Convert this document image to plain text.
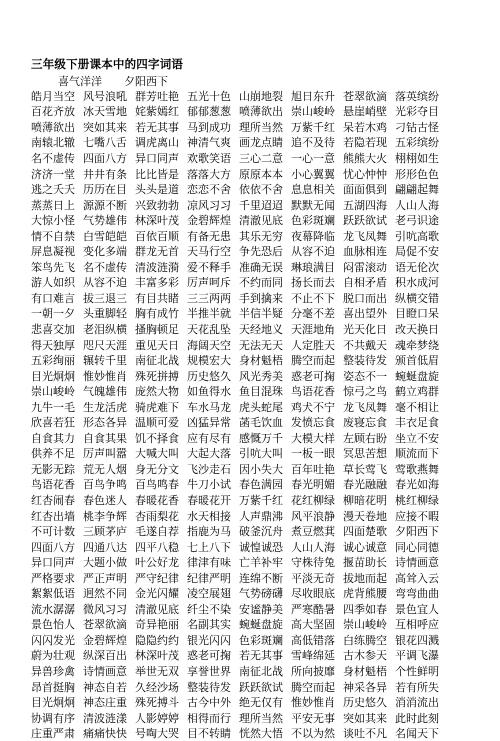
三年级下册课本中的四字词语
喜气洋洋 夕阳西下
皓月当空 风号浪吼 群芳吐艳 五光十色 山崩地裂 旭日东升 苍翠欲滴 落英缤纷
百花齐放 冰天雪地 姹紫嫣红 郁郁葱葱 喷薄欲出 崇山峻岭 悬崖峭壁 光彩夺目
喷薄欲出 突如其来 若无其事 马到成功 理所当然 万紫千红 呆若木鸡 刁钻古怪
南辕北辙 七嘴八舌 调虎离山 神清气爽 画龙点睛 追不及待 若隐若现 五彩缤纷
名不虚传 四面八方 异口同声 欢歌笑语 三心二意 一心一意 熊熊大火 栩栩如生
济济一堂 井井有条 比比皆是 落落大方 原原本本 小心翼翼 忧心忡忡 形形色色
逃之夭夭 历历在目 头头是道 恋恋不舍 依依不舍 息息相关 面面俱到 翩翩起舞
蒸蒸日上 源源不断 兴致勃勃 凉风习习 千里迢迢 默默无闻 五湖四海 人山人海
大惊小怪 气势雄伟 林深叶茂 金碧辉煌 清澈见底 色彩斑斓 跃跃欲试 老弓识途
情不自禁 白雪皑皑 百依百顺 有备无患 其乐无穷 夜幕降临 龙飞凤舞 引吭高歌
屏息凝视 变化多端 群龙无首 天马行空 争先恐后 从容不迫 血脉相连 局促不安
笨鸟先飞 名不虚传 清波涟漪 爱不释手 准确无误 琳琅满目 闷雷滚动 语无伦次
游人如织 从容不迫 丰富多彩 厉声呵斥 不约而同 扬长而去 自相矛盾 积水成河
有口难言 拔三退三 有目共睹 三三两两 手到擒来 不止不下 脱口而出 纵横交错
一朝一夕 头重脚轻 胸有成竹 半推半就 半信半疑 分毫不差 喜出望外 目瞪口呆
悲喜交加 老泪纵横 搔胸顿足 天花乱坠 天经地义 天涯地角 光天化日 改天换日
得天独厚 咫尺天涯 重见天日 海阔天空 无法无天 人定胜天 不共戴天 魂牵梦绕
五彩绚丽 辗转千里 南征北战 规模宏大 身材魁梧 腾空而起 整装待发 颁首低眉
目光炯炯 惟妙惟肖 殊死拼搏 历史悠久 风光秀美 惑老可掬 姿态不一 蜿蜒盘旋
崇山峻岭 气魄雄伟 庞然大物 如鱼得水 鱼目混珠 鸟语花香 惊弓之鸟 鹤立鸡群
九牛一毛 生龙活虎 骑虎难下 车水马龙 虎头蛇尾 鸡犬不宁 龙飞凤舞 毫不相让
欣喜若狂 形态各异 温顺可爱 凶猛异常 菡毛饮血 发愤忘食 废寝忘食 丰衣足食
自食其力 自食其果 饥不择食 应有尽有 感慨万千 大模大样 左顾右盼 坐立不安
供养不足 厉声叫嚣 大喊大叫 大起大落 引吭大叫 一板一眼 冥思苦想 顺流而下
无影无踪 荒无人烟 身无分文 飞沙走石 因小失大 百年吐艳 草长莺飞 莺歌燕舞
鸟语花香 百鸟争鸣 百鸟鸣春 牛刀小试 春色满园 春光明媚 春光融融 春光如海
红杏闹春 春色迷人 春暖花香 春暖花开 万紫千红 花红柳绿 柳暗花明 桃红柳绿
红杏出墙 桃李争辉 杏雨梨花 水天相接 人声鼎沸 风平浪静 漫天卷地 应接不暇
不可计数 三顾茅庐 毛遂自荐 指鹿为马 破釜沉舟 煮豆燃萁 四面楚歌 夕阳西下
四面八方 四通八达 四平八稳 七上八下 诚惶诚恐 人山人海 诚心诚意 同心同德
异口同声 大题小做 叶公好龙 律津有味 亡羊补牢 守株待兔 揠苗助长 诗情画意
严格要求 严正声明 严守纪律 纪律严明 连绵不断 平淡无奇 拔地而起 高耸入云
絮絮低语 迥然不同 金光闪耀 凌空展翅 气势磅礴 尽收眼底 虎背熊腰 弯弯曲曲
流水潺潺 微风习习 清澈见底 纤尘不染 安谧静美 严寒酷暑 四季如春 景色宜人
景色怡人 苍翠欲滴 奇异艳丽 名副其实 蜿蜒盘旋 高大坚固 崇山峻岭 互相呼应
闪闪发光 金碧辉煌 隐隐约约 银光闪闪 色彩斑斓 高低错落 白练腾空 银花四溅
蔚为壮观 纵深百出 林深叶茂 惑老可掬 若无其事 雪峰绵延 古木参天 平调飞瀑
异兽珍禽 诗情画意 举世无双 享誉世界 南征北战 所向披靡 身材魁梧 个性鲜明
昂首挺胸 神态自若 久经沙场 整装待发 跃跃欲试 腾空而起 神采各异 若有所失
目光炯炯 神态庄重 殊死搏斗 古今中外 绝无仅有 惟妙惟肖 历史悠久 消消流出
协调有序 清波涟漾 人影婷婷 相得而行 理所当然 平安无事 突如其来 此时此刻
庄重严肃 痛痛快快 号啕大哭 目不转睛 恍然大悟 不以为然 谈吐不凡 名闻天下
